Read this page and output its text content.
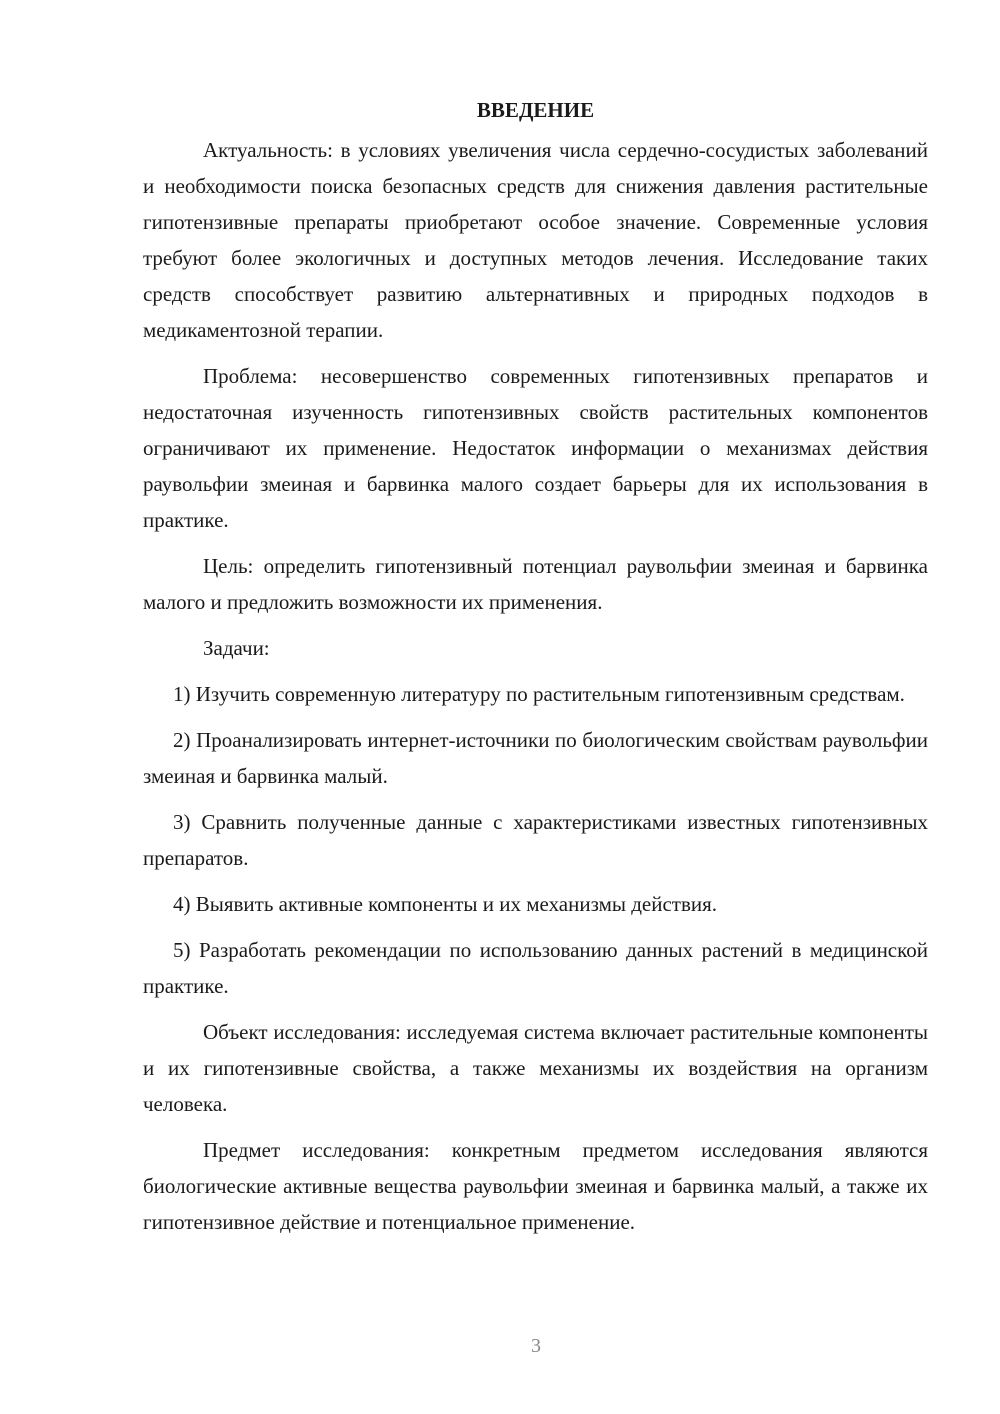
ВВЕДЕНИЕ

Актуальность: в условиях увеличения числа сердечно-сосудистых заболеваний и необходимости поиска безопасных средств для снижения давления растительные гипотензивные препараты приобретают особое значение. Современные условия требуют более экологичных и доступных методов лечения. Исследование таких средств способствует развитию альтернативных и природных подходов в медикаментозной терапии.

Проблема: несовершенство современных гипотензивных препаратов и недостаточная изученность гипотензивных свойств растительных компонентов ограничивают их применение. Недостаток информации о механизмах действия раувольфии змеиная и барвинка малого создает барьеры для их использования в практике.

Цель: определить гипотензивный потенциал раувольфии змеиная и барвинка малого и предложить возможности их применения.

Задачи:

1) Изучить современную литературу по растительным гипотензивным средствам.

2) Проанализировать интернет-источники по биологическим свойствам раувольфии змеиная и барвинка малый.

3) Сравнить полученные данные с характеристиками известных гипотензивных препаратов.

4) Выявить активные компоненты и их механизмы действия.

5) Разработать рекомендации по использованию данных растений в медицинской практике.

Объект исследования: исследуемая система включает растительные компоненты и их гипотензивные свойства, а также механизмы их воздействия на организм человека.

Предмет исследования: конкретным предметом исследования являются биологические активные вещества раувольфии змеиная и барвинка малый, а также их гипотензивное действие и потенциальное применение.

3
